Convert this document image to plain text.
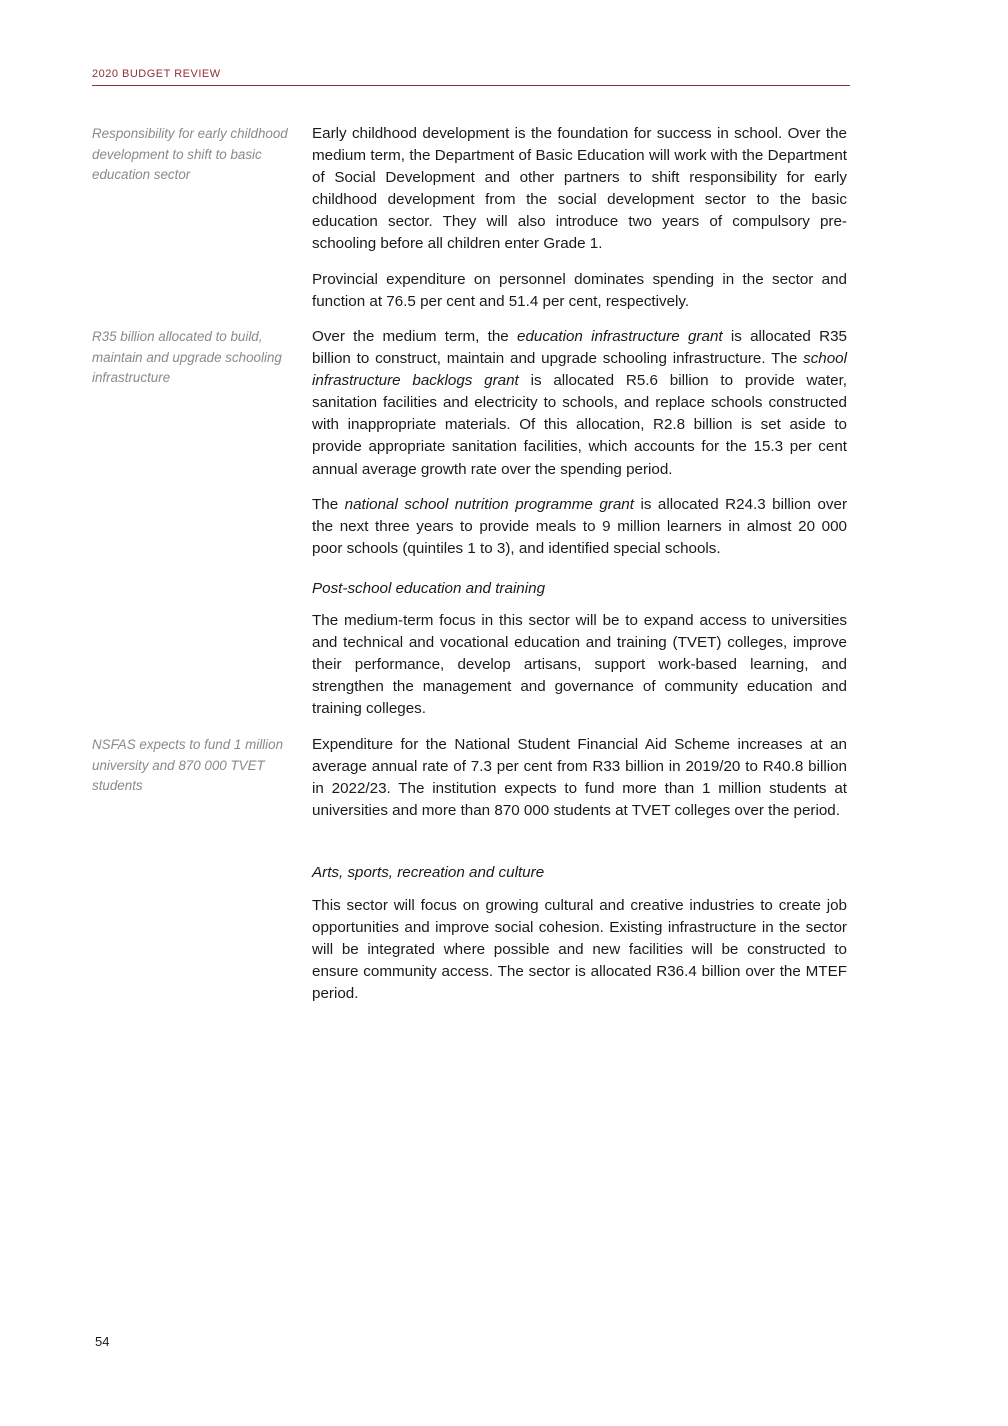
2020 BUDGET REVIEW
Responsibility for early childhood development to shift to basic education sector
Early childhood development is the foundation for success in school. Over the medium term, the Department of Basic Education will work with the Department of Social Development and other partners to shift responsibility for early childhood development from the social development sector to the basic education sector. They will also introduce two years of compulsory pre-schooling before all children enter Grade 1.
Provincial expenditure on personnel dominates spending in the sector and function at 76.5 per cent and 51.4 per cent, respectively.
R35 billion allocated to build, maintain and upgrade schooling infrastructure
Over the medium term, the education infrastructure grant is allocated R35 billion to construct, maintain and upgrade schooling infrastructure. The school infrastructure backlogs grant is allocated R5.6 billion to provide water, sanitation facilities and electricity to schools, and replace schools constructed with inappropriate materials. Of this allocation, R2.8 billion is set aside to provide appropriate sanitation facilities, which accounts for the 15.3 per cent annual average growth rate over the spending period.
The national school nutrition programme grant is allocated R24.3 billion over the next three years to provide meals to 9 million learners in almost 20 000 poor schools (quintiles 1 to 3), and identified special schools.
Post-school education and training
The medium-term focus in this sector will be to expand access to universities and technical and vocational education and training (TVET) colleges, improve their performance, develop artisans, support work-based learning, and strengthen the management and governance of community education and training colleges.
NSFAS expects to fund 1 million university and 870 000 TVET students
Expenditure for the National Student Financial Aid Scheme increases at an average annual rate of 7.3 per cent from R33 billion in 2019/20 to R40.8 billion in 2022/23. The institution expects to fund more than 1 million students at universities and more than 870 000 students at TVET colleges over the period.
Arts, sports, recreation and culture
This sector will focus on growing cultural and creative industries to create job opportunities and improve social cohesion. Existing infrastructure in the sector will be integrated where possible and new facilities will be constructed to ensure community access. The sector is allocated R36.4 billion over the MTEF period.
54
